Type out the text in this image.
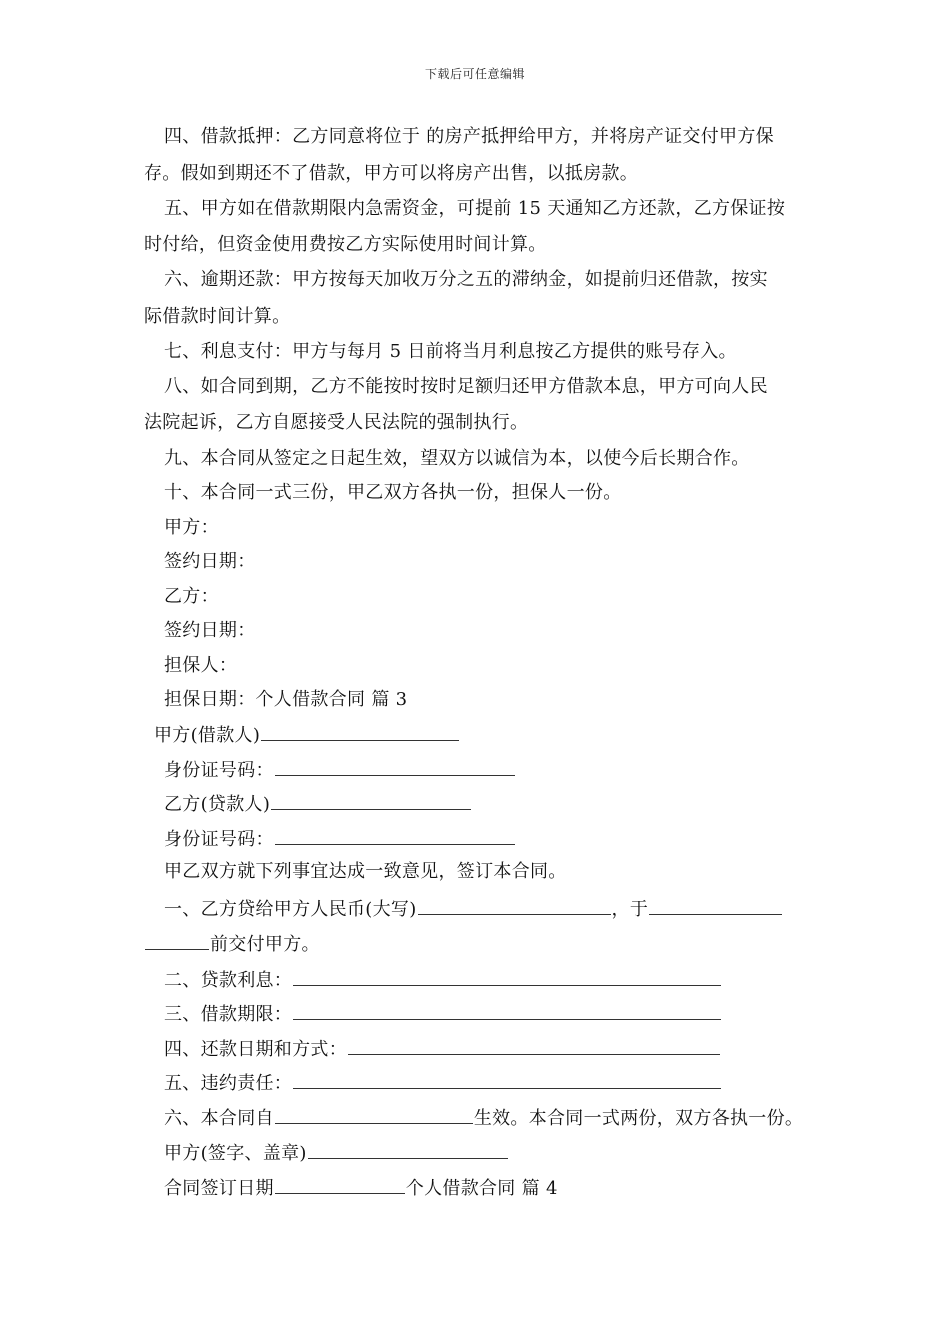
下载后可任意编辑
四、借款抵押：乙方同意将位于 的房产抵押给甲方，并将房产证交付甲方保
存。假如到期还不了借款，甲方可以将房产出售，以抵房款。
五、甲方如在借款期限内急需资金，可提前 15 天通知乙方还款，乙方保证按
时付给，但资金使用费按乙方实际使用时间计算。
六、逾期还款：甲方按每天加收万分之五的滞纳金，如提前归还借款，按实
际借款时间计算。
七、利息支付：甲方与每月 5 日前将当月利息按乙方提供的账号存入。
八、如合同到期，乙方不能按时按时足额归还甲方借款本息，甲方可向人民
法院起诉，乙方自愿接受人民法院的强制执行。
九、本合同从签定之日起生效，望双方以诚信为本，以使今后长期合作。
十、本合同一式三份，甲乙双方各执一份，担保人一份。
甲方：
签约日期：
乙方：
签约日期：
担保人：
担保日期：个人借款合同 篇 3
甲方(借款人)
身份证号码：
乙方(贷款人)
身份证号码：
甲乙双方就下列事宜达成一致意见，签订本合同。
一、乙方贷给甲方人民币(大写)	，于
前交付甲方。
二、贷款利息：
三、借款期限：
四、还款日期和方式：
五、违约责任：
六、本合同自	生效。本合同一式两份，双方各执一份。
甲方(签字、盖章)
合同签订日期	个人借款合同 篇 4
